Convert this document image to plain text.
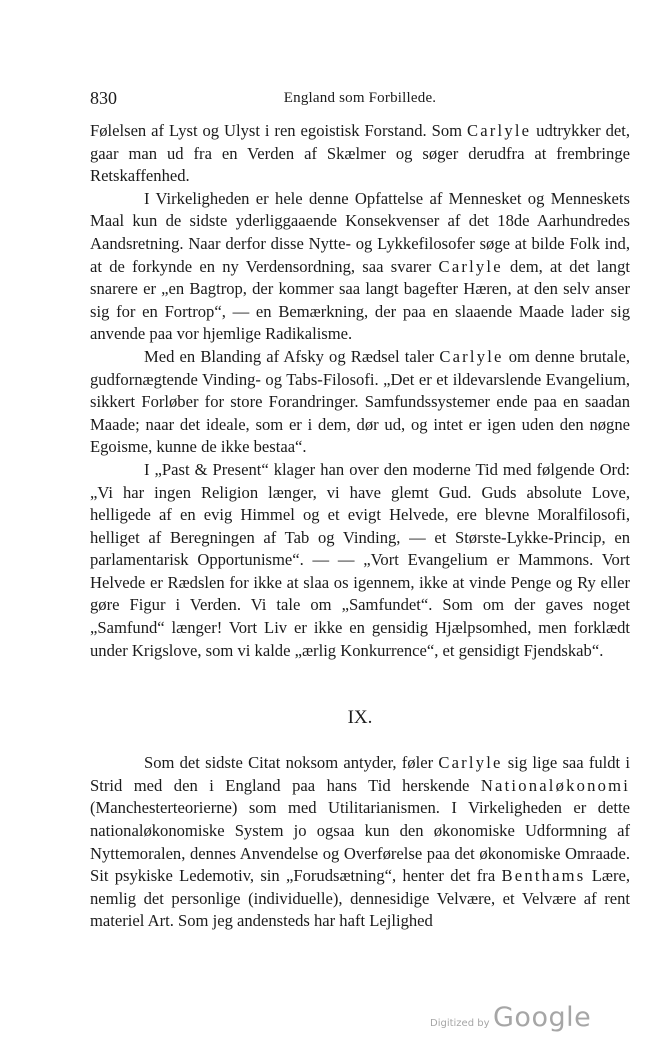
830	England som Forbillede.

Følelsen af Lyst og Ulyst i ren egoistisk Forstand. Som Carlyle udtrykker det, gaar man ud fra en Verden af Skælmer og søger derudfra at frembringe Retskaffenhed.

I Virkeligheden er hele denne Opfattelse af Mennesket og Menneskets Maal kun de sidste yderliggaaende Konsekvenser af det 18de Aarhundredes Aandsretning. Naar derfor disse Nytte- og Lykkefilosofer søge at bilde Folk ind, at de forkynde en ny Verdensordning, saa svarer Carlyle dem, at det langt snarere er „en Bagtrop, der kommer saa langt bagefter Hæren, at den selv anser sig for en Fortrop“, — en Bemærkning, der paa en slaaende Maade lader sig anvende paa vor hjemlige Radikalisme.

Med en Blanding af Afsky og Rædsel taler Carlyle om denne brutale, gudfornægtende Vinding- og Tabs-Filosofi. „Det er et ildevarslende Evangelium, sikkert Forløber for store Forandringer. Samfundssystemer ende paa en saadan Maade; naar det ideale, som er i dem, dør ud, og intet er igen uden den nøgne Egoisme, kunne de ikke bestaa“.

I „Past & Present“ klager han over den moderne Tid med følgende Ord: „Vi har ingen Religion længer, vi have glemt Gud. Guds absolute Love, helligede af en evig Himmel og et evigt Helvede, ere blevne Moralfilosofi, helliget af Beregningen af Tab og Vinding, — et Største-Lykke-Princip, en parlamentarisk Opportunisme“. — — „Vort Evangelium er Mammons. Vort Helvede er Rædslen for ikke at slaa os igennem, ikke at vinde Penge og Ry eller gøre Figur i Verden. Vi tale om „Samfundet“. Som om der gaves noget „Samfund“ længer! Vort Liv er ikke en gensidig Hjælpsomhed, men forklædt under Krigslove, som vi kalde „ærlig Konkurrence“, et gensidigt Fjendskab“.

IX.

Som det sidste Citat noksom antyder, føler Carlyle sig lige saa fuldt i Strid med den i England paa hans Tid herskende Nationaløkonomi (Manchesterteorierne) som med Utilitarianismen. I Virkeligheden er dette nationaløkonomiske System jo ogsaa kun den økonomiske Udformning af Nyttemoralen, dennes Anvendelse og Overførelse paa det økonomiske Omraade. Sit psykiske Ledemotiv, sin „Forudsætning“, henter det fra Benthams Lære, nemlig det personlige (individuelle), dennesidige Velvære, et Velvære af rent materiel Art. Som jeg andensteds har haft Lejlighed

Digitized by Google
